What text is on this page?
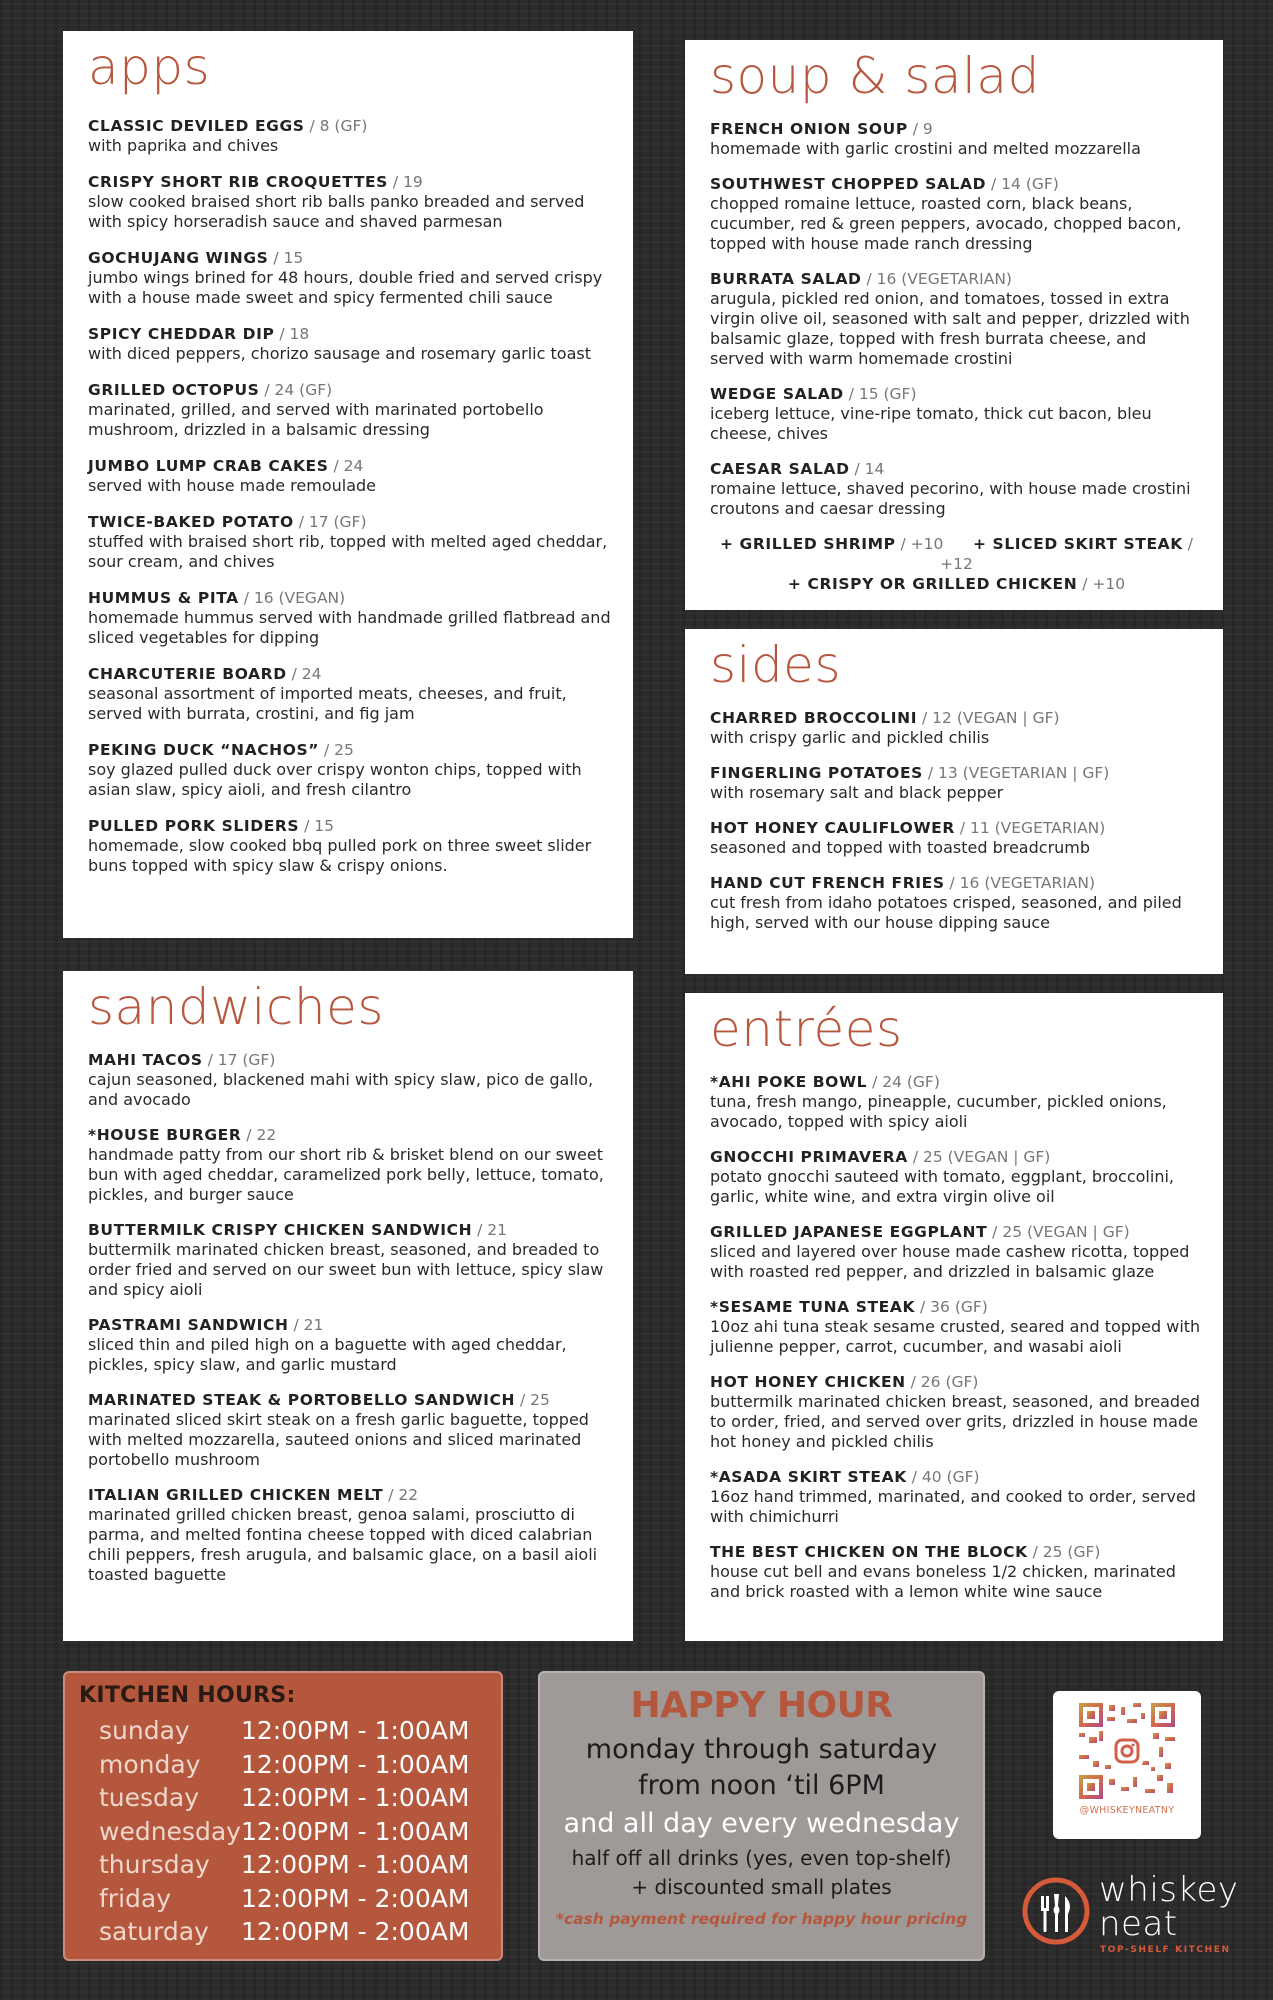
apps
CLASSIC DEVILED EGGS / 8 (GF)
with paprika and chives
CRISPY SHORT RIB CROQUETTES / 19
slow cooked braised short rib balls panko breaded and served with spicy horseradish sauce and shaved parmesan
GOCHUJANG WINGS / 15
jumbo wings brined for 48 hours, double fried and served crispy with a house made sweet and spicy fermented chili sauce
SPICY CHEDDAR DIP / 18
with diced peppers, chorizo sausage and rosemary garlic toast
GRILLED OCTOPUS / 24 (GF)
marinated, grilled, and served with marinated portobello mushroom, drizzled in a balsamic dressing
JUMBO LUMP CRAB CAKES / 24
served with house made remoulade
TWICE-BAKED POTATO / 17 (GF)
stuffed with braised short rib, topped with melted aged cheddar, sour cream, and chives
HUMMUS & PITA / 16 (VEGAN)
homemade hummus served with handmade grilled flatbread and sliced vegetables for dipping
CHARCUTERIE BOARD / 24
seasonal assortment of imported meats, cheeses, and fruit, served with burrata, crostini, and fig jam
PEKING DUCK “NACHOS” / 25
soy glazed pulled duck over crispy wonton chips, topped with asian slaw, spicy aioli, and fresh cilantro
PULLED PORK SLIDERS / 15
homemade, slow cooked bbq pulled pork on three sweet slider buns topped with spicy slaw & crispy onions.
soup & salad
FRENCH ONION SOUP / 9
homemade with garlic crostini and melted mozzarella
SOUTHWEST CHOPPED SALAD / 14 (GF)
chopped romaine lettuce, roasted corn, black beans, cucumber, red & green peppers, avocado, chopped bacon, topped with house made ranch dressing
BURRATA SALAD / 16 (VEGETARIAN)
arugula, pickled red onion, and tomatoes, tossed in extra virgin olive oil, seasoned with salt and pepper, drizzled with balsamic glaze, topped with fresh burrata cheese, and served with warm homemade crostini
WEDGE SALAD / 15 (GF)
iceberg lettuce, vine-ripe tomato, thick cut bacon, bleu cheese, chives
CAESAR SALAD / 14
romaine lettuce, shaved pecorino, with house made crostini croutons and caesar dressing
+ GRILLED SHRIMP / +10 + SLICED SKIRT STEAK / +12
+ CRISPY OR GRILLED CHICKEN / +10
sides
CHARRED BROCCOLINI / 12 (VEGAN | GF)
with crispy garlic and pickled chilis
FINGERLING POTATOES / 13 (VEGETARIAN | GF)
with rosemary salt and black pepper
HOT HONEY CAULIFLOWER / 11 (VEGETARIAN)
seasoned and topped with toasted breadcrumb
HAND CUT FRENCH FRIES / 16 (VEGETARIAN)
cut fresh from idaho potatoes crisped, seasoned, and piled high, served with our house dipping sauce
sandwiches
MAHI TACOS / 17 (GF)
cajun seasoned, blackened mahi with spicy slaw, pico de gallo, and avocado
*HOUSE BURGER / 22
handmade patty from our short rib & brisket blend on our sweet bun with aged cheddar, caramelized pork belly, lettuce, tomato, pickles, and burger sauce
BUTTERMILK CRISPY CHICKEN SANDWICH / 21
buttermilk marinated chicken breast, seasoned, and breaded to order fried and served on our sweet bun with lettuce, spicy slaw and spicy aioli
PASTRAMI SANDWICH / 21
sliced thin and piled high on a baguette with aged cheddar, pickles, spicy slaw, and garlic mustard
MARINATED STEAK & PORTOBELLO SANDWICH / 25
marinated sliced skirt steak on a fresh garlic baguette, topped with melted mozzarella, sauteed onions and sliced marinated portobello mushroom
ITALIAN GRILLED CHICKEN MELT / 22
marinated grilled chicken breast, genoa salami, prosciutto di parma, and melted fontina cheese topped with diced calabrian chili peppers, fresh arugula, and balsamic glace, on a basil aioli toasted baguette
entrées
*AHI POKE BOWL / 24 (GF)
tuna, fresh mango, pineapple, cucumber, pickled onions, avocado, topped with spicy aioli
GNOCCHI PRIMAVERA / 25 (VEGAN | GF)
potato gnocchi sauteed with tomato, eggplant, broccolini, garlic, white wine, and extra virgin olive oil
GRILLED JAPANESE EGGPLANT / 25 (VEGAN | GF)
sliced and layered over house made cashew ricotta, topped with roasted red pepper, and drizzled in balsamic glaze
*SESAME TUNA STEAK / 36 (GF)
10oz ahi tuna steak sesame crusted, seared and topped with julienne pepper, carrot, cucumber, and wasabi aioli
HOT HONEY CHICKEN / 26 (GF)
buttermilk marinated chicken breast, seasoned, and breaded to order, fried, and served over grits, drizzled in house made hot honey and pickled chilis
*ASADA SKIRT STEAK / 40 (GF)
16oz hand trimmed, marinated, and cooked to order, served with chimichurri
THE BEST CHICKEN ON THE BLOCK / 25 (GF)
house cut bell and evans boneless 1/2 chicken, marinated and brick roasted with a lemon white wine sauce
KITCHEN HOURS:
sunday	12:00PM - 1:00AM
monday	12:00PM - 1:00AM
tuesday	12:00PM - 1:00AM
wednesday 12:00PM - 1:00AM
thursday	12:00PM - 1:00AM
friday	12:00PM - 2:00AM
saturday	12:00PM - 2:00AM
HAPPY HOUR
monday through saturday
from noon ‘til 6PM
and all day every wednesday
half off all drinks (yes, even top-shelf)
+ discounted small plates
*cash payment required for happy hour pricing
@WHISKEYNEATNY
whiskey
neat
TOP-SHELF KITCHEN
